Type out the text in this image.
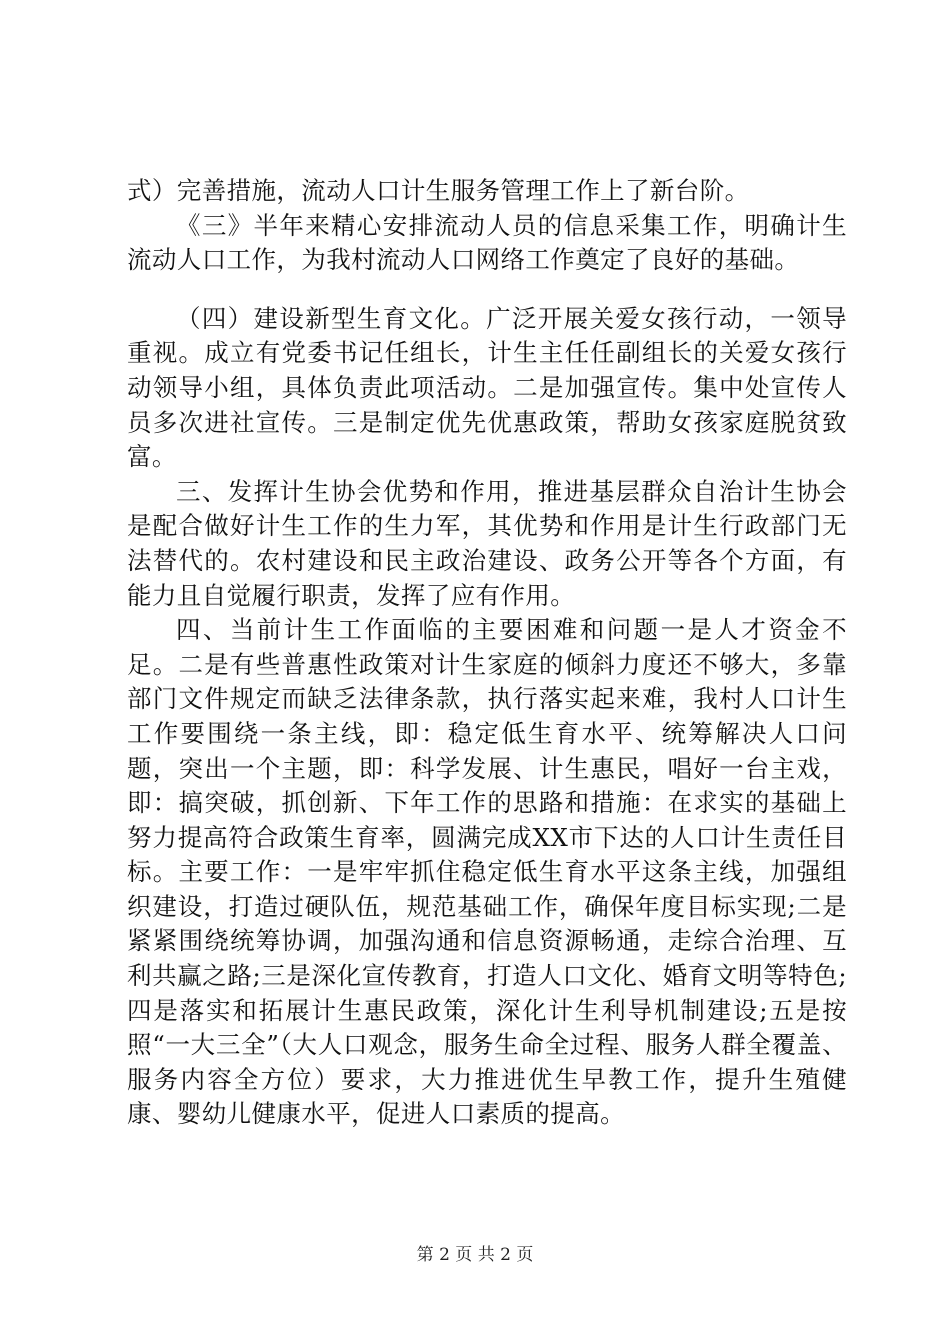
式）完善措施，流动人口计生服务管理工作上了新台阶。

《三》半年来精心安排流动人员的信息采集工作，明确计生流动人口工作，为我村流动人口网络工作奠定了良好的基础。

（四）建设新型生育文化。广泛开展关爱女孩行动，一领导重视。成立有党委书记任组长，计生主任任副组长的关爱女孩行动领导小组，具体负责此项活动。二是加强宣传。集中处宣传人员多次进社宣传。三是制定优先优惠政策，帮助女孩家庭脱贫致富。

三、发挥计生协会优势和作用，推进基层群众自治计生协会是配合做好计生工作的生力军，其优势和作用是计生行政部门无法替代的。农村建设和民主政治建设、政务公开等各个方面，有能力且自觉履行职责，发挥了应有作用。

四、当前计生工作面临的主要困难和问题一是人才资金不足。二是有些普惠性政策对计生家庭的倾斜力度还不够大，多靠部门文件规定而缺乏法律条款，执行落实起来难，我村人口计生工作要围绕一条主线，即：稳定低生育水平、统筹解决人口问题，突出一个主题，即：科学发展、计生惠民，唱好一台主戏，即：搞突破，抓创新、下年工作的思路和措施：在求实的基础上努力提高符合政策生育率，圆满完成XX市下达的人口计生责任目标。主要工作：一是牢牢抓住稳定低生育水平这条主线，加强组织建设，打造过硬队伍，规范基础工作，确保年度目标实现;二是紧紧围绕统筹协调，加强沟通和信息资源畅通，走综合治理、互利共赢之路;三是深化宣传教育，打造人口文化、婚育文明等特色;四是落实和拓展计生惠民政策，深化计生利导机制建设;五是按照“一大三全”（大人口观念，服务生命全过程、服务人群全覆盖、服务内容全方位）要求，大力推进优生早教工作，提升生殖健康、婴幼儿健康水平，促进人口素质的提高。

第 2 页 共 2 页
